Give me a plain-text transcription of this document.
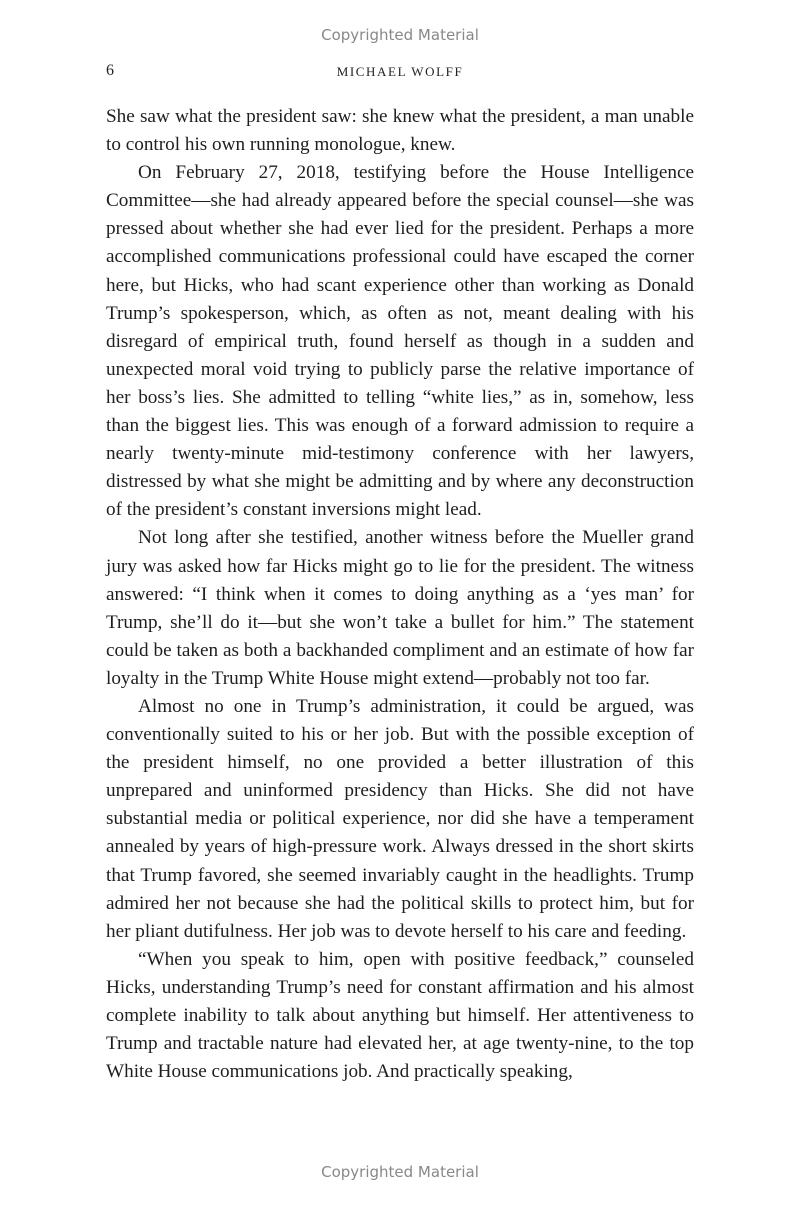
Copyrighted Material
6	MICHAEL WOLFF

She saw what the president saw: she knew what the president, a man unable to control his own running monologue, knew.

On February 27, 2018, testifying before the House Intelligence Committee—she had already appeared before the special counsel—she was pressed about whether she had ever lied for the president. Perhaps a more accomplished communications professional could have escaped the corner here, but Hicks, who had scant experience other than working as Donald Trump’s spokesperson, which, as often as not, meant dealing with his disregard of empirical truth, found herself as though in a sudden and unexpected moral void trying to publicly parse the relative importance of her boss’s lies. She admitted to telling “white lies,” as in, somehow, less than the biggest lies. This was enough of a forward admission to require a nearly twenty-minute mid-testimony conference with her lawyers, distressed by what she might be admitting and by where any deconstruction of the president’s constant inversions might lead.

Not long after she testified, another witness before the Mueller grand jury was asked how far Hicks might go to lie for the president. The witness answered: “I think when it comes to doing anything as a ‘yes man’ for Trump, she’ll do it—but she won’t take a bullet for him.” The statement could be taken as both a backhanded compliment and an estimate of how far loyalty in the Trump White House might extend—probably not too far.

Almost no one in Trump’s administration, it could be argued, was conventionally suited to his or her job. But with the possible exception of the president himself, no one provided a better illustration of this unprepared and uninformed presidency than Hicks. She did not have substantial media or political experience, nor did she have a temperament annealed by years of high-pressure work. Always dressed in the short skirts that Trump favored, she seemed invariably caught in the headlights. Trump admired her not because she had the political skills to protect him, but for her pliant dutifulness. Her job was to devote herself to his care and feeding.

“When you speak to him, open with positive feedback,” counseled Hicks, understanding Trump’s need for constant affirmation and his almost complete inability to talk about anything but himself. Her attentiveness to Trump and tractable nature had elevated her, at age twenty-nine, to the top White House communications job. And practically speaking,

Copyrighted Material
